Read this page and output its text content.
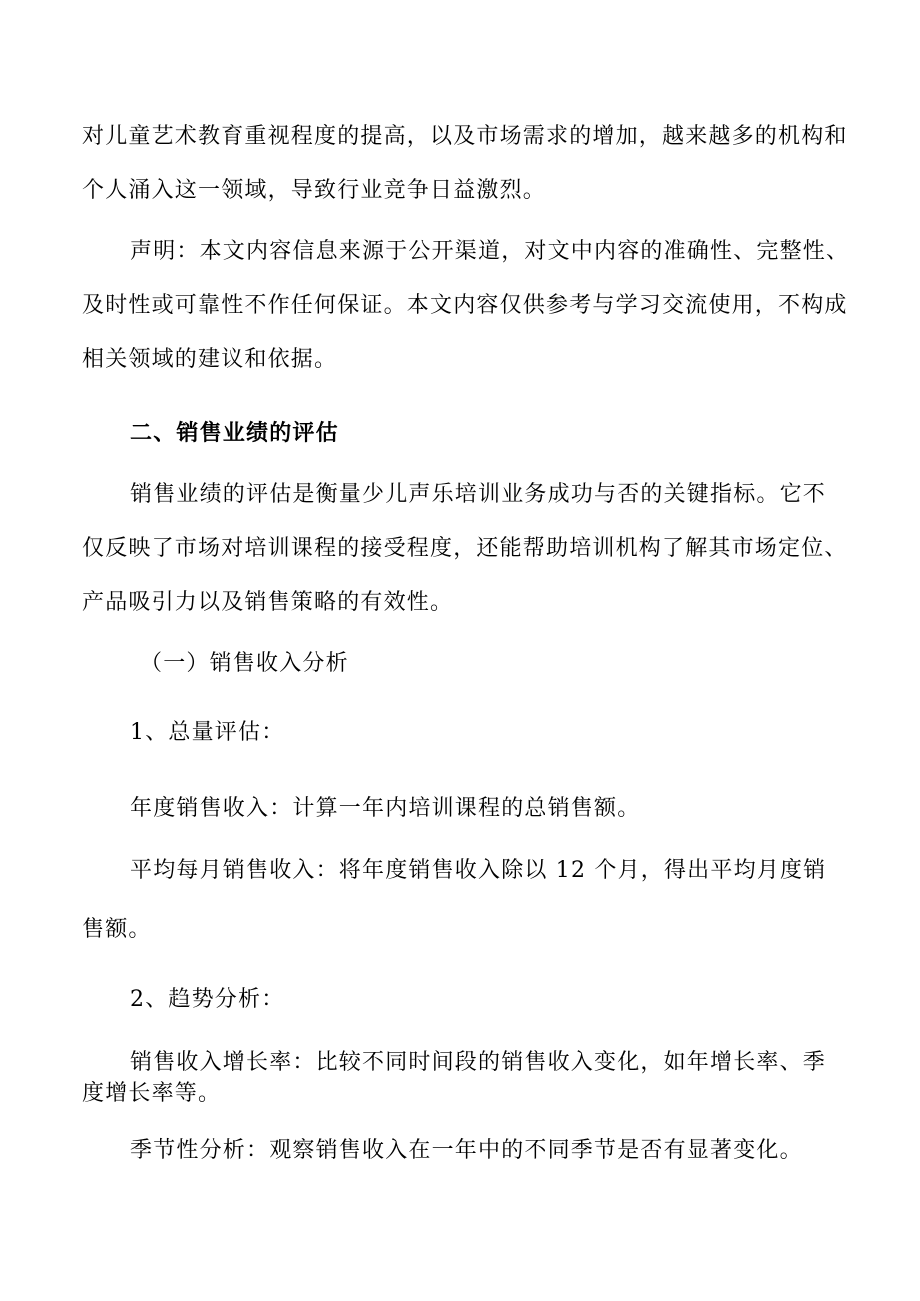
对儿童艺术教育重视程度的提高，以及市场需求的增加，越来越多的机构和

个人涌入这一领域，导致行业竞争日益激烈。

声明：本文内容信息来源于公开渠道，对文中内容的准确性、完整性、

及时性或可靠性不作任何保证。本文内容仅供参考与学习交流使用，不构成

相关领域的建议和依据。

二、销售业绩的评估

销售业绩的评估是衡量少儿声乐培训业务成功与否的关键指标。它不

仅反映了市场对培训课程的接受程度，还能帮助培训机构了解其市场定位、

产品吸引力以及销售策略的有效性。

（一）销售收入分析

1、总量评估：

年度销售收入：计算一年内培训课程的总销售额。

平均每月销售收入：将年度销售收入除以 12 个月，得出平均月度销

售额。

2、趋势分析：

销售收入增长率：比较不同时间段的销售收入变化，如年增长率、季

度增长率等。

季节性分析：观察销售收入在一年中的不同季节是否有显著变化。
